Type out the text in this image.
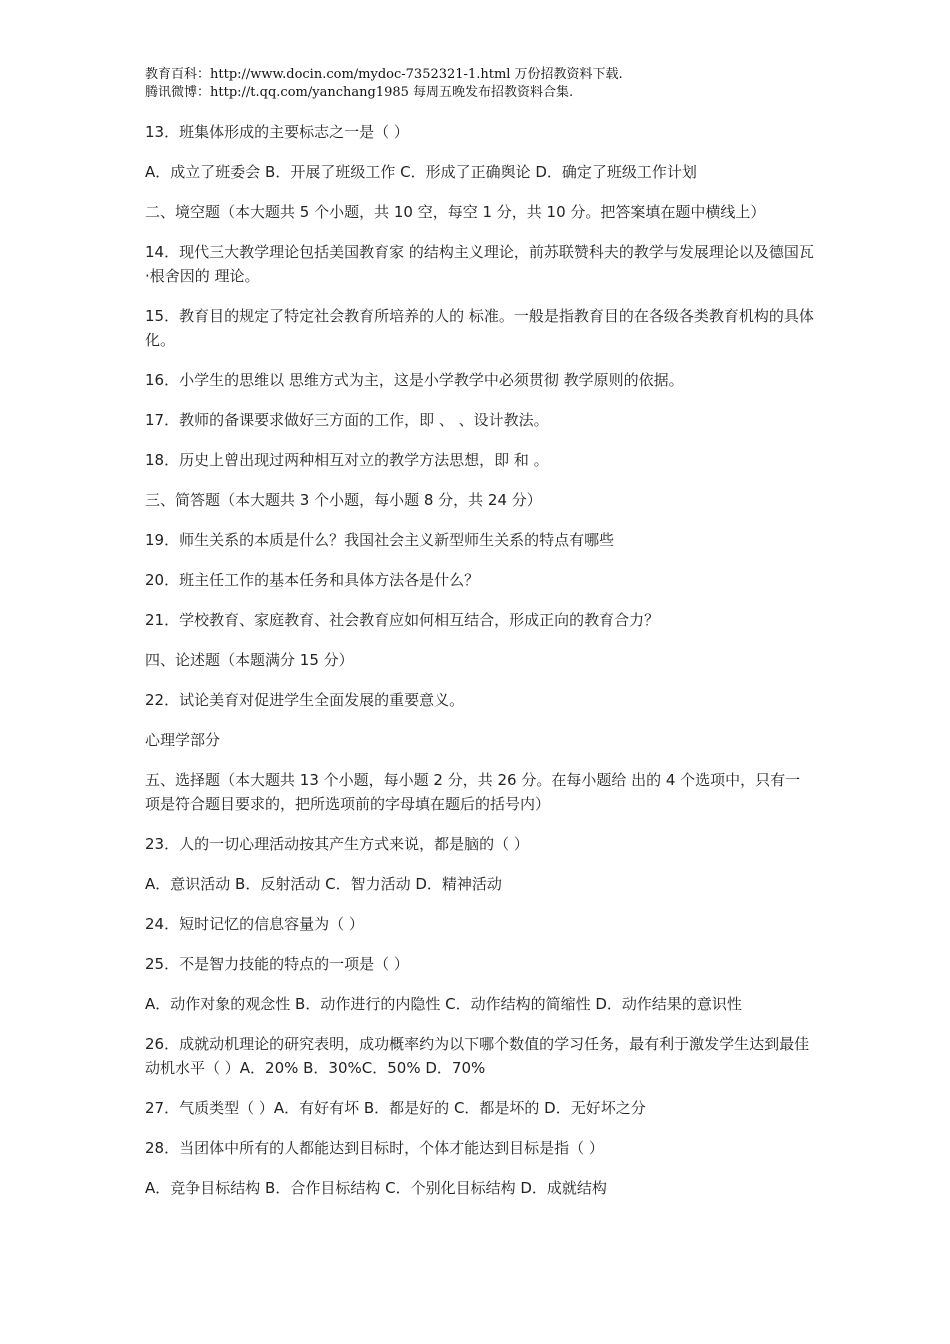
教育百科：http://www.docin.com/mydoc-7352321-1.html 万份招教资料下载.
腾讯微博：http://t.qq.com/yanchang1985 每周五晚发布招教资料合集.

13．班集体形成的主要标志之一是（ ）

A．成立了班委会 B．开展了班级工作 C．形成了正确舆论 D．确定了班级工作计划

二、境空题（本大题共 5 个小题，共 10 空，每空 1 分，共 10 分。把答案填在题中横线上）

14．现代三大教学理论包括美国教育家 的结构主义理论，前苏联赞科夫的教学与发展理论以及德国瓦·根舍因的 理论。

15．教育目的规定了特定社会教育所培养的人的 标准。一般是指教育目的在各级各类教育机构的具体化。

16．小学生的思维以 思维方式为主，这是小学教学中必须贯彻 教学原则的依据。

17．教师的备课要求做好三方面的工作，即 、 、设计教法。

18．历史上曾出现过两种相互对立的教学方法思想，即 和 。

三、简答题（本大题共 3 个小题，每小题 8 分，共 24 分）

19．师生关系的本质是什么？我国社会主义新型师生关系的特点有哪些

20．班主任工作的基本任务和具体方法各是什么？

21．学校教育、家庭教育、社会教育应如何相互结合，形成正向的教育合力？

四、论述题（本题满分 15 分）

22．试论美育对促进学生全面发展的重要意义。

心理学部分

五、选择题（本大题共 13 个小题，每小题 2 分，共 26 分。在每小题给 出的 4 个选项中，只有一项是符合题目要求的，把所选项前的字母填在题后的括号内）

23．人的一切心理活动按其产生方式来说，都是脑的（ ）

A．意识活动 B．反射活动 C．智力活动 D．精神活动

24．短时记忆的信息容量为（ ）

25．不是智力技能的特点的一项是（ ）

A．动作对象的观念性 B．动作进行的内隐性 C．动作结构的简缩性 D．动作结果的意识性

26．成就动机理论的研究表明，成功概率约为以下哪个数值的学习任务，最有利于激发学生达到最佳动机水平（ ）A．20% B．30%C．50% D．70%

27．气质类型（ ）A．有好有坏 B．都是好的 C．都是坏的 D．无好坏之分

28．当团体中所有的人都能达到目标时，个体才能达到目标是指（ ）

A．竞争目标结构 B．合作目标结构 C．个别化目标结构 D．成就结构
